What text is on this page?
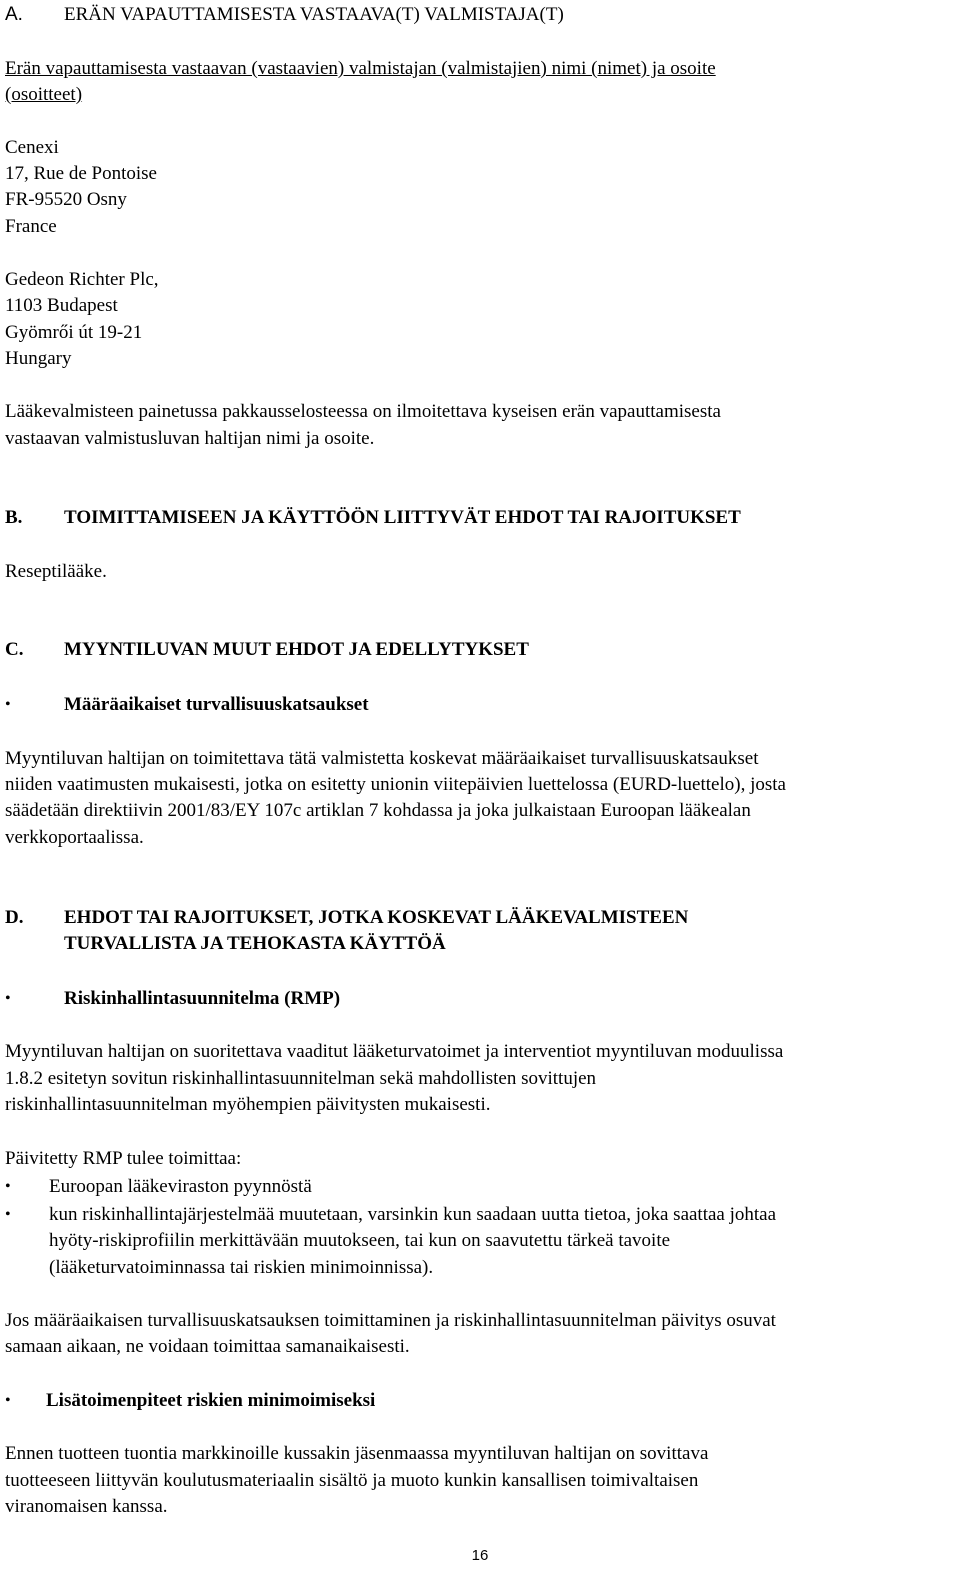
A. ERÄN VAPAUTTAMISESTA VASTAAVA(T) VALMISTAJA(T)
Erän vapauttamisesta vastaavan (vastaavien) valmistajan (valmistajien) nimi (nimet) ja osoite
(osoitteet)
Cenexi
17, Rue de Pontoise
FR-95520 Osny
France
Gedeon Richter Plc,
1103 Budapest
Gyömrői út 19-21
Hungary
Lääkevalmisteen painetussa pakkausselosteessa on ilmoitettava kyseisen erän vapauttamisesta
vastaavan valmistusluvan haltijan nimi ja osoite.
B. TOIMITTAMISEEN JA KÄYTTÖÖN LIITTYVÄT EHDOT TAI RAJOITUKSET
Reseptilääke.
C. MYYNTILUVAN MUUT EHDOT JA EDELLYTYKSET
•	Määräaikaiset turvallisuuskatsaukset
Myyntiluvan haltijan on toimitettava tätä valmistetta koskevat määräaikaiset turvallisuuskatsaukset
niiden vaatimusten mukaisesti, jotka on esitetty unionin viitepäivien luettelossa (EURD-luettelo), josta
säädetään direktiivin 2001/83/EY 107c artiklan 7 kohdassa ja joka julkaistaan Euroopan lääkealan
verkkoportaalissa.
D. EHDOT TAI RAJOITUKSET, JOTKA KOSKEVAT LÄÄKEVALMISTEEN
TURVALLISTA JA TEHOKASTA KÄYTTÖÄ
•	Riskinhallintasuunnitelma (RMP)
Myyntiluvan haltijan on suoritettava vaaditut lääketurvatoimet ja interventiot myyntiluvan moduulissa
1.8.2 esitetyn sovitun riskinhallintasuunnitelman sekä mahdollisten sovittujen
riskinhallintasuunnitelman myöhempien päivitysten mukaisesti.
Päivitetty RMP tulee toimittaa:
• Euroopan lääkeviraston pyynnöstä
• kun riskinhallintajärjestelmää muutetaan, varsinkin kun saadaan uutta tietoa, joka saattaa johtaa
hyöty-riskiprofiilin merkittävään muutokseen, tai kun on saavutettu tärkeä tavoite
(lääketurvatoiminnassa tai riskien minimoinnissa).
Jos määräaikaisen turvallisuuskatsauksen toimittaminen ja riskinhallintasuunnitelman päivitys osuvat
samaan aikaan, ne voidaan toimittaa samanaikaisesti.
• Lisätoimenpiteet riskien minimoimiseksi
Ennen tuotteen tuontia markkinoille kussakin jäsenmaassa myyntiluvan haltijan on sovittava
tuotteeseen liittyvän koulutusmateriaalin sisältö ja muoto kunkin kansallisen toimivaltaisen
viranomaisen kanssa.
16
